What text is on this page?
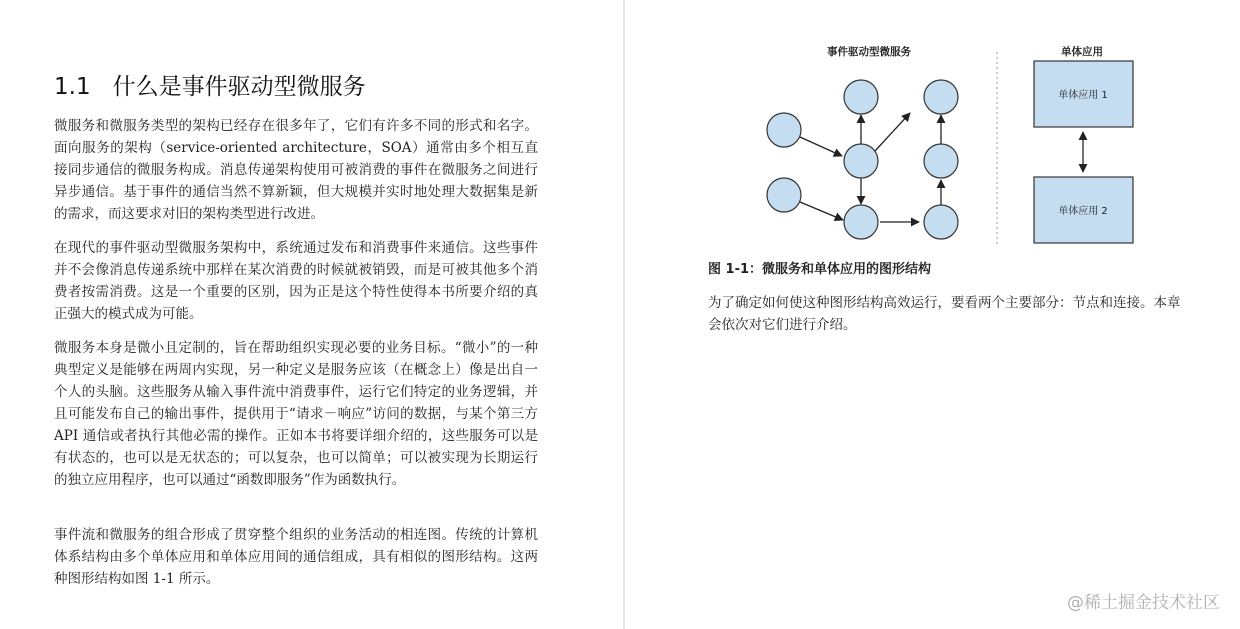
1.1 什么是事件驱动型微服务

微服务和微服务类型的架构已经存在很多年了，它们有许多不同的形式和名字。面向服务的架构（service-oriented architecture，SOA）通常由多个相互直接同步通信的微服务构成。消息传递架构使用可被消费的事件在微服务之间进行异步通信。基于事件的通信当然不算新颖，但大规模并实时地处理大数据集是新的需求，而这要求对旧的架构类型进行改进。

在现代的事件驱动型微服务架构中，系统通过发布和消费事件来通信。这些事件并不会像消息传递系统中那样在某次消费的时候就被销毁，而是可被其他多个消费者按需消费。这是一个重要的区别，因为正是这个特性使得本书所要介绍的真正强大的模式成为可能。

微服务本身是微小且定制的，旨在帮助组织实现必要的业务目标。“微小”的一种典型定义是能够在两周内实现，另一种定义是服务应该（在概念上）像是出自一个人的头脑。这些服务从输入事件流中消费事件，运行它们特定的业务逻辑，并且可能发布自己的输出事件，提供用于“请求－响应”访问的数据，与某个第三方 API 通信或者执行其他必需的操作。正如本书将要详细介绍的，这些服务可以是有状态的，也可以是无状态的；可以复杂，也可以简单；可以被实现为长期运行的独立应用程序，也可以通过“函数即服务”作为函数执行。

事件流和微服务的组合形成了贯穿整个组织的业务活动的相连图。传统的计算机体系结构由多个单体应用和单体应用间的通信组成，具有相似的图形结构。这两种图形结构如图 1-1 所示。

事件驱动型微服务	单体应用
单体应用 1
单体应用 2

图 1-1：微服务和单体应用的图形结构

为了确定如何使这种图形结构高效运行，要看两个主要部分：节点和连接。本章会依次对它们进行介绍。

@稀土掘金技术社区
